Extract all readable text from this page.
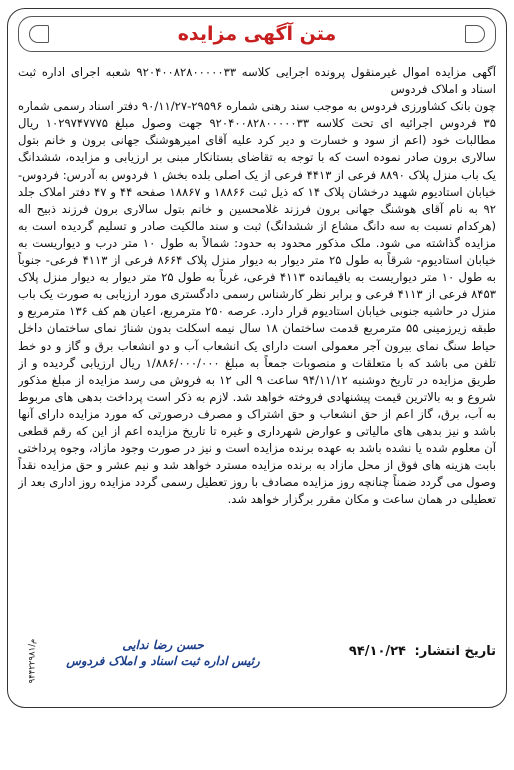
متن آگهی مزایده

آگهی مزایده اموال غیرمنقول پرونده اجرایی کلاسه ۹۲۰۴۰۰۸۲۸۰۰۰۰۰۳۳ شعبه اجرای اداره ثبت اسناد و املاک فردوس

چون بانک کشاورزی فردوس به موجب سند رهنی شماره ۲۹۵۹۶-۹۰/۱۱/۲۷ دفتر اسناد رسمی شماره ۳۵ فردوس اجرائیه ای تحت کلاسه ۹۲۰۴۰۰۸۲۸۰۰۰۰۰۳۳ جهت وصول مبلغ ۱۰۲۹۷۴۷۷۷۵ ریال مطالبات خود (اعم از سود و خسارت و دیر کرد علیه آقای امیرهوشنگ جهانی برون و خانم بتول سالاری برون صادر نموده است که با توجه به تقاضای بستانکار مبنی بر ارزیابی و مزایده، ششدانگ یک باب منزل پلاک ۸۸۹۰ فرعی از ۴۴۱۳ فرعی از یک اصلی بلده بخش ۱ فردوس به آدرس: فردوس- خیابان استادیوم شهید درخشان پلاک ۱۴ که ذیل ثبت ۱۸۸۶۶ و ۱۸۸۶۷ صفحه ۴۴ و ۴۷ دفتر املاک جلد ۹۲ به نام آقای هوشنگ جهانی برون فرزند غلامحسین و خانم بتول سالاری برون فرزند ذبیح اله (هرکدام نسبت به سه دانگ مشاع از ششدانگ) ثبت و سند مالکیت صادر و تسلیم گردیده است به مزایده گذاشته می شود. ملک مذکور محدود به حدود: شمالاً به طول ۱۰ متر درب و دیواریست به خیابان استادیوم- شرقاً به طول ۲۵ متر دیوار به دیوار منزل پلاک ۸۶۶۴ فرعی از ۴۱۱۳ فرعی- جنوباً به طول ۱۰ متر دیواریست به باقیمانده ۴۱۱۳ فرعی، غرباً به طول ۲۵ متر دیوار به دیوار منزل پلاک ۸۴۵۳ فرعی از ۴۱۱۳ فرعی و برابر نظر کارشناس رسمی دادگستری مورد ارزیابی به صورت یک باب منزل در حاشیه جنوبی خیابان استادیوم قرار دارد. عرصه ۲۵۰ مترمربع، اعیان هم کف ۱۳۶ مترمربع و طبقه زیرزمینی ۵۵ مترمربع قدمت ساختمان ۱۸ سال نیمه اسکلت بدون شناژ نمای ساختمان داخل حیاط سنگ نمای بیرون آجر معمولی است دارای یک انشعاب آب و دو انشعاب برق و گاز و دو خط تلفن می باشد که با متعلقات و منصوبات جمعاً به مبلغ ۱/۸۸۶/۰۰۰/۰۰۰ ریال ارزیابی گردیده و از طریق مزایده در تاریخ دوشنبه ۹۴/۱۱/۱۲ ساعت ۹ الی ۱۲ به فروش می رسد مزایده از مبلغ مذکور شروع و به بالاترین قیمت پیشنهادی فروخته خواهد شد. لازم به ذکر است پرداخت بدهی های مربوط به آب، برق، گاز اعم از حق انشعاب و حق اشتراک و مصرف درصورتی که مورد مزایده دارای آنها باشد و نیز بدهی های مالیاتی و عوارض شهرداری و غیره تا تاریخ مزایده اعم از این که رقم قطعی آن معلوم شده یا نشده باشد به عهده برنده مزایده است و نیز در صورت وجود مازاد، وجوه پرداختی بابت هزینه های فوق از محل مازاد به برنده مزایده مسترد خواهد شد و نیم عشر و حق مزایده نقداً وصول می گردد ضمناً چنانچه روز مزایده مصادف با روز تعطیل رسمی گردد مزایده روز اداری بعد از تعطیلی در همان ساعت و مکان مقرر برگزار خواهد شد.

تاریخ انتشار: ۹۴/۱۰/۲۴
حسن رضا ندایی
رئیس اداره ثبت اسناد و املاک فردوس
م/۹۴۴۲۲۹۸۱
